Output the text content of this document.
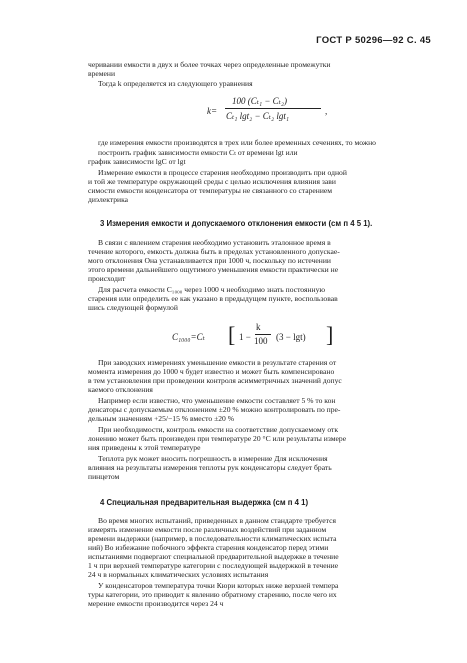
ГОСТ Р 50296—92 С. 45
черивании емкости в двух и более точках через определенные промежутки
времени
Тогда k определяется из следующего уравнения
k=
100 (Cₜ₁ − Cₜ₂)
Cₜ₁ lgt₂ − Cₜ₂ lgt₁	,
где измерения емкости производятся в трех или более временных сечениях, то можно построить график зависимости емкости Cₜ от времени lgt или
график зависимости lgC от lgt
Измерение емкости в процессе старения необходимо производить при одной
и той же температуре окружающей среды с целью исключения влияния зави
симости емкости конденсатора от температуры не связанного со старением
диэлектрика
3 Измерения емкости и допускаемого отклонения емкости (см п 4 5 1).
В связи с явлением старения необходимо установить эталонное время в
течение которого, емкость должна быть в пределах установленного допускае-
мого отклонения Она устанавливается при 1000 ч, поскольку по истечении
этого времени дальнейшего ощутимого уменьшения емкости практически не
происходит
Для расчета емкости C₁₀₀₀ через 1000 ч необходимо знать постоянную
старения или определить ее как указано в предыдущем пункте, воспользовав
шись следующей формулой
C₁₀₀₀=Cₜ [ 1 −
k
100 (3 − lgt) ]
При заводских измерениях уменьшение емкости в результате старения от
момента измерения до 1000 ч будет известно и может быть компенсировано
в тем установления при проведении контроля асимметричных значений допус
каемого отклонения
Например если известно, что уменьшение емкости составляет 5 % то кон
денсаторы с допускаемым отклонением ±20 % можно контролировать по пре-
дельным значениям +25/−15 % вместо ±20 %
При необходимости, контроль емкости на соответствие допускаемому отк
лонению может быть произведен при температуре 20 °С или результаты измере
ния приведены к этой температуре
Теплота рук может вносить погрешность в измерение Для исключения
влияния на результаты измерения теплоты рук конденсаторы следует брать
пинцетом
4 Специальная предварительная выдержка (см п 4 1)
Во время многих испытаний, приведенных в данном стандарте требуется
измерять изменение емкости после различных воздействий при заданном
времени выдержки (например, в последовательности климатических испыта
ний) Во избежание побочного эффекта старения конденсатор перед этими
испытаниями подвергают специальной предварительной выдержке в течение
1 ч при верхней температуре категории с последующей выдержкой в течение
24 ч в нормальных климатических условиях испытания
У конденсаторов температура точки Кюри которых ниже верхней темпера
туры категории, это приводит к явлению обратному старению, после чего их
мерение емкости производится через 24 ч
